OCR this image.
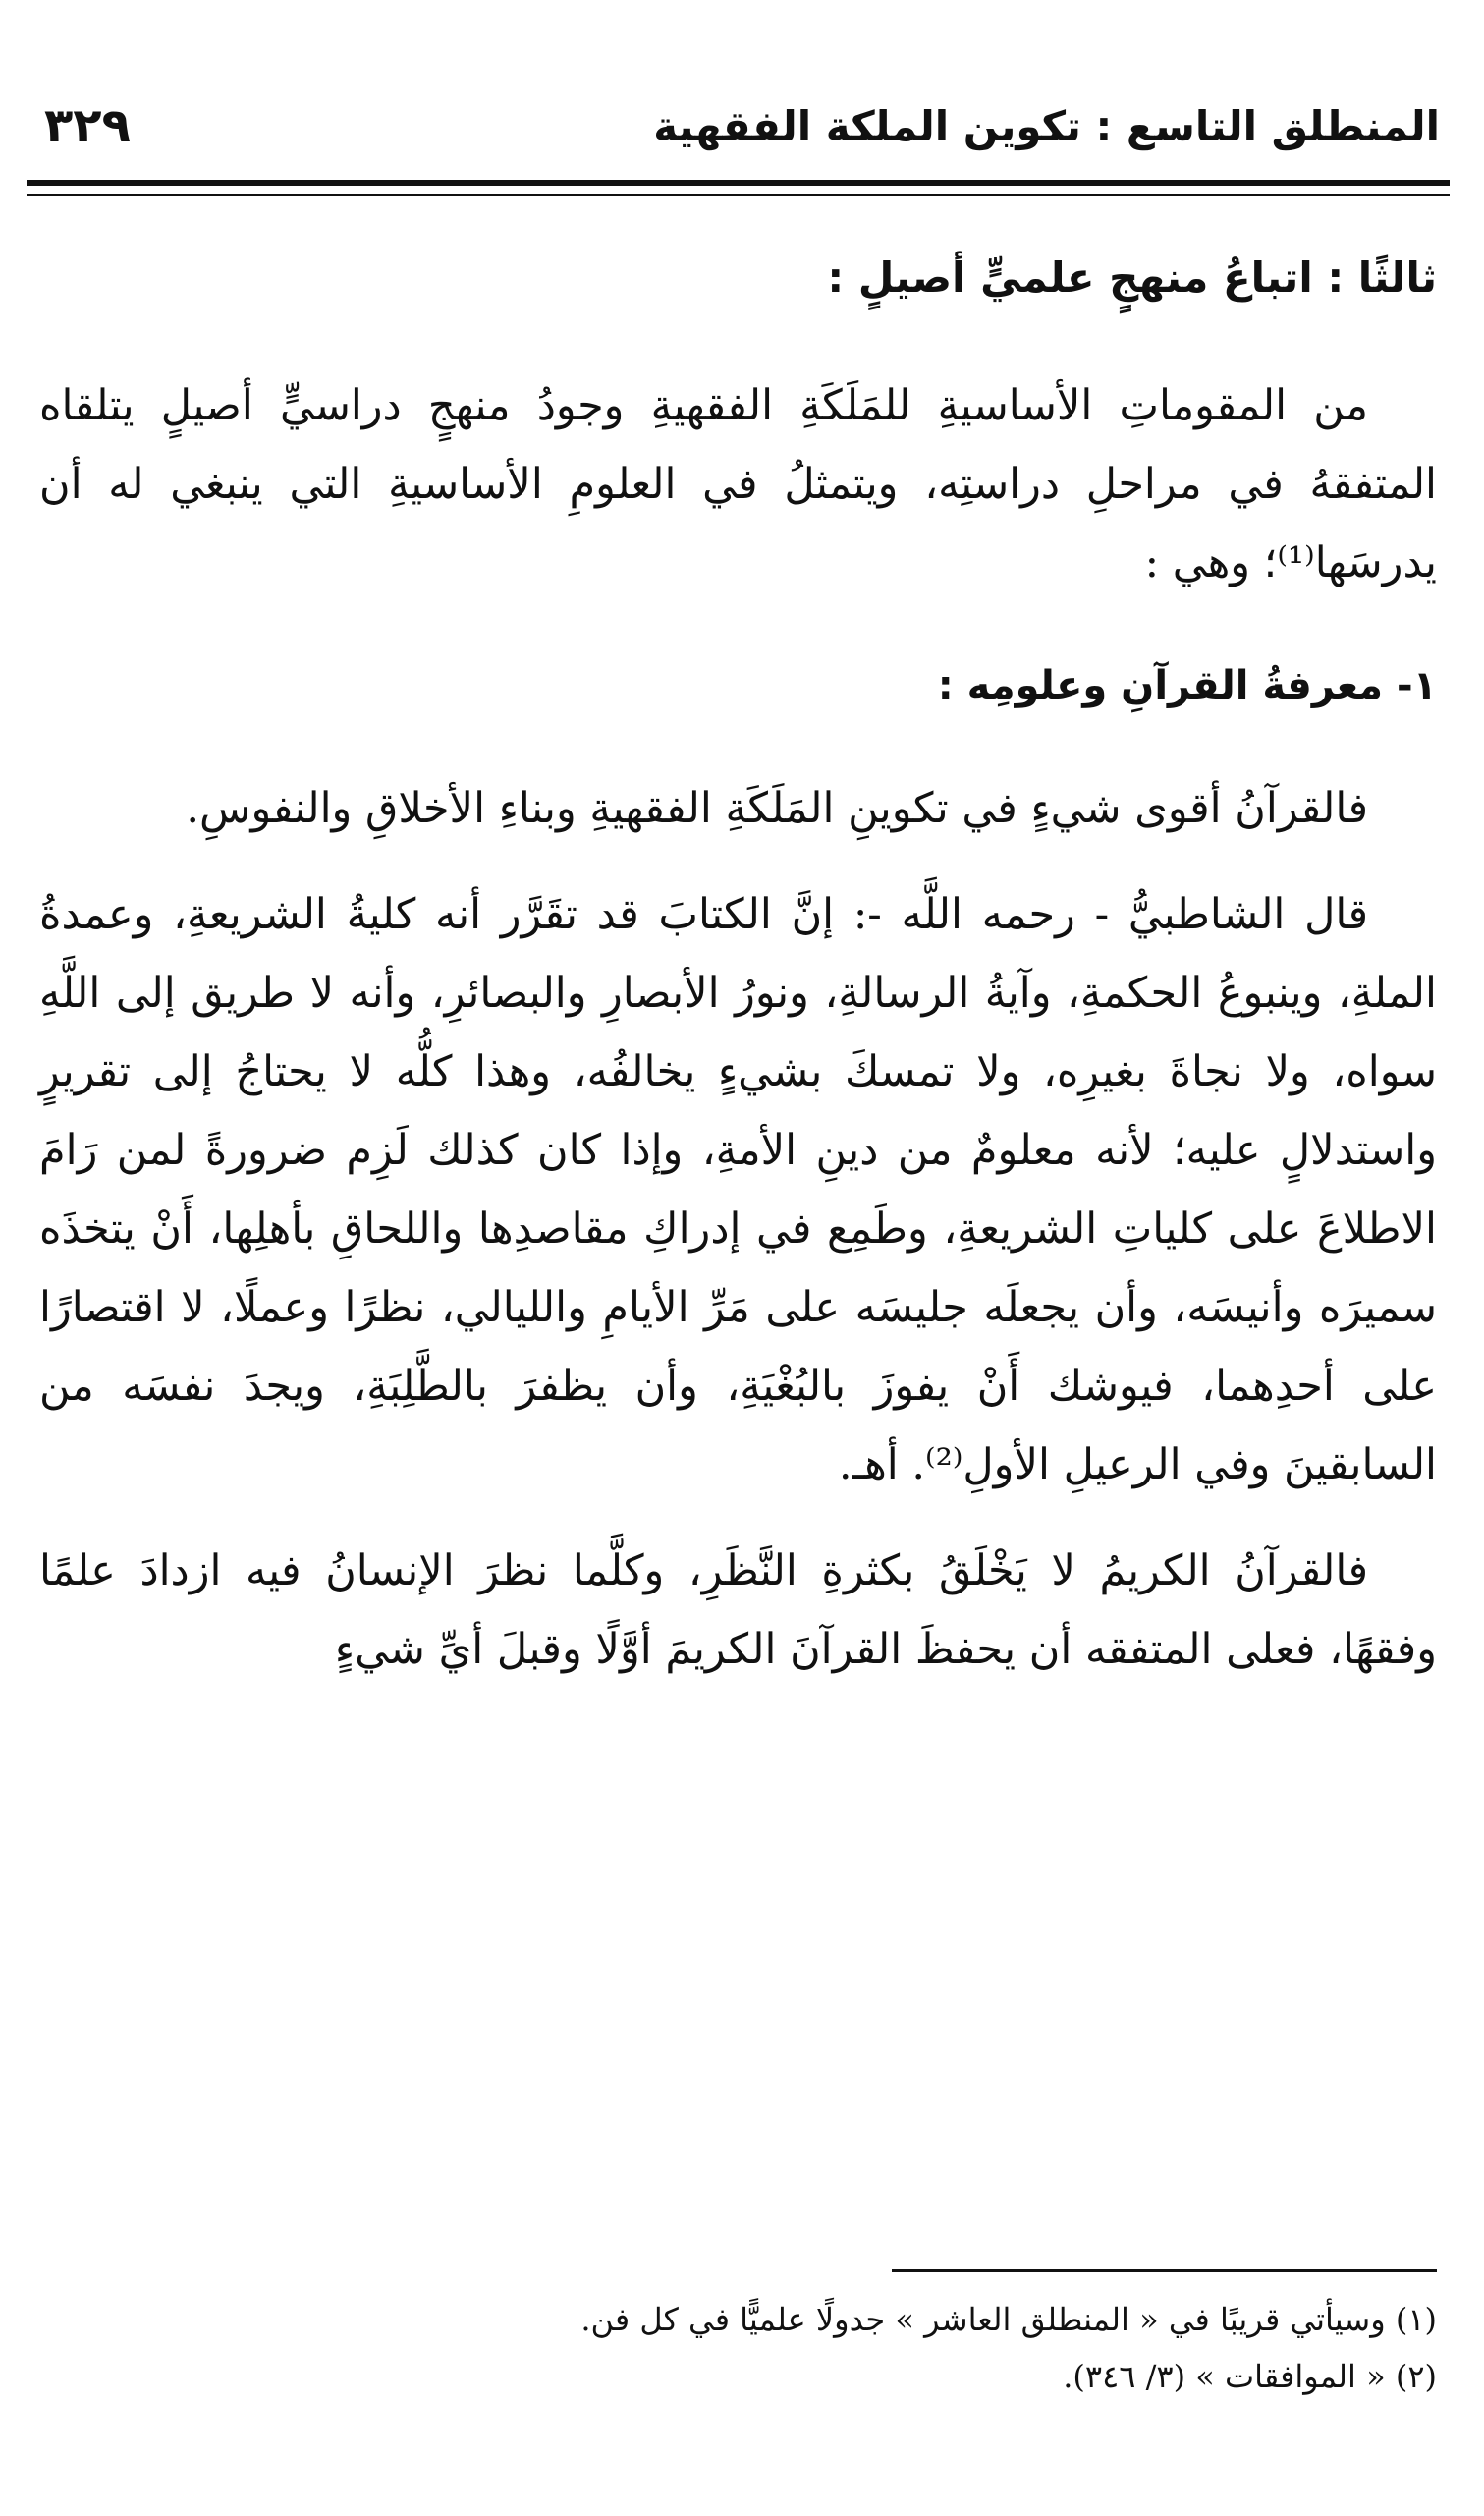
المنطلق التاسع : تكوين الملكة الفقهية
٣٢٩
ثالثًا : اتباعُ منهجٍ علميٍّ أصيلٍ :

من المقوماتِ الأساسيةِ للمَلَكَةِ الفقهيةِ وجودُ منهجٍ دراسيٍّ أصيلٍ يتلقاه المتفقهُ في مراحلِ دراستِه، ويتمثلُ في العلومِ الأساسيةِ التي ينبغي له أن يدرسَها⁽¹⁾؛ وهي :

١- معرفةُ القرآنِ وعلومِه :

فالقرآنُ أقوى شيءٍ في تكوينِ المَلَكَةِ الفقهيةِ وبناءِ الأخلاقِ والنفوسِ.

قال الشاطبيُّ - رحمه اللَّه -: إنَّ الكتابَ قد تقَرَّر أنه كليةُ الشريعةِ، وعمدةُ الملةِ، وينبوعُ الحكمةِ، وآيةُ الرسالةِ، ونورُ الأبصارِ والبصائرِ، وأنه لا طريق إلى اللَّهِ سواه، ولا نجاةَ بغيرِه، ولا تمسكَ بشيءٍ يخالفُه، وهذا كلُّه لا يحتاجُ إلى تقريرٍ واستدلالٍ عليه؛ لأنه معلومٌ من دينِ الأمةِ، وإذا كان كذلك لَزِم ضرورةً لمن رَامَ الاطلاعَ على كلياتِ الشريعةِ، وطَمِع في إدراكِ مقاصدِها واللحاقِ بأهلِها، أَنْ يتخذَه سميرَه وأنيسَه، وأن يجعلَه جليسَه على مَرِّ الأيامِ والليالي، نظرًا وعملًا، لا اقتصارًا على أحدِهما، فيوشك أَنْ يفوزَ بالبُغْيَةِ، وأن يظفرَ بالطَّلِبَةِ، ويجدَ نفسَه من السابقينَ وفي الرعيلِ الأولِ⁽²⁾. أهـ.

فالقرآنُ الكريمُ لا يَخْلَقُ بكثرةِ النَّظَرِ، وكلَّما نظرَ الإنسانُ فيه ازدادَ علمًا وفقهًا، فعلى المتفقه أن يحفظَ القرآنَ الكريمَ أوَّلًا وقبلَ أيِّ شيءٍ

(١) وسيأتي قريبًا في « المنطلق العاشر » جدولًا علميًّا في كل فن.

(٢) « الموافقات » (٣/ ٣٤٦).
